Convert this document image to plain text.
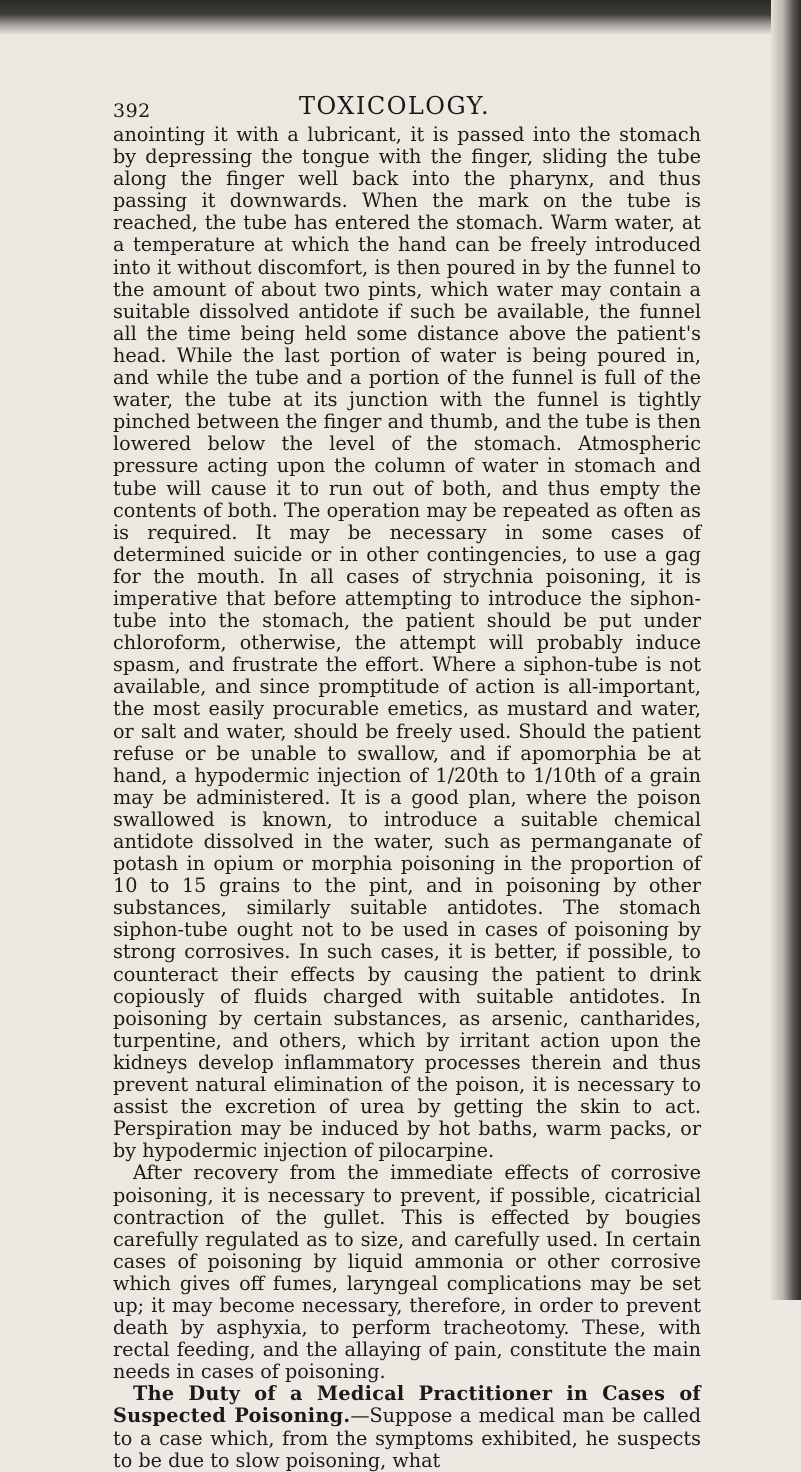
392	TOXICOLOGY.

anointing it with a lubricant, it is passed into the stomach by depressing the tongue with the finger, sliding the tube along the finger well back into the pharynx, and thus passing it downwards. When the mark on the tube is reached, the tube has entered the stomach. Warm water, at a temperature at which the hand can be freely introduced into it without discomfort, is then poured in by the funnel to the amount of about two pints, which water may contain a suitable dissolved antidote if such be available, the funnel all the time being held some distance above the patient's head. While the last portion of water is being poured in, and while the tube and a portion of the funnel is full of the water, the tube at its junction with the funnel is tightly pinched between the finger and thumb, and the tube is then lowered below the level of the stomach. Atmospheric pressure acting upon the column of water in stomach and tube will cause it to run out of both, and thus empty the contents of both. The operation may be repeated as often as is required. It may be necessary in some cases of determined suicide or in other contingencies, to use a gag for the mouth. In all cases of strychnia poisoning, it is imperative that before attempting to introduce the siphon-tube into the stomach, the patient should be put under chloroform, otherwise, the attempt will probably induce spasm, and frustrate the effort. Where a siphon-tube is not available, and since promptitude of action is all-important, the most easily procurable emetics, as mustard and water, or salt and water, should be freely used. Should the patient refuse or be unable to swallow, and if apomorphia be at hand, a hypodermic injection of 1/20th to 1/10th of a grain may be administered. It is a good plan, where the poison swallowed is known, to introduce a suitable chemical antidote dissolved in the water, such as permanganate of potash in opium or morphia poisoning in the proportion of 10 to 15 grains to the pint, and in poisoning by other substances, similarly suitable antidotes. The stomach siphon-tube ought not to be used in cases of poisoning by strong corrosives. In such cases, it is better, if possible, to counteract their effects by causing the patient to drink copiously of fluids charged with suitable antidotes. In poisoning by certain substances, as arsenic, cantharides, turpentine, and others, which by irritant action upon the kidneys develop inflammatory processes therein and thus prevent natural elimination of the poison, it is necessary to assist the excretion of urea by getting the skin to act. Perspiration may be induced by hot baths, warm packs, or by hypodermic injection of pilocarpine.

After recovery from the immediate effects of corrosive poisoning, it is necessary to prevent, if possible, cicatricial contraction of the gullet. This is effected by bougies carefully regulated as to size, and carefully used. In certain cases of poisoning by liquid ammonia or other corrosive which gives off fumes, laryngeal complications may be set up; it may become necessary, therefore, in order to prevent death by asphyxia, to perform tracheotomy. These, with rectal feeding, and the allaying of pain, constitute the main needs in cases of poisoning.

The Duty of a Medical Practitioner in Cases of Suspected Poisoning.—Suppose a medical man be called to a case which, from the symptoms exhibited, he suspects to be due to slow poisoning, what
